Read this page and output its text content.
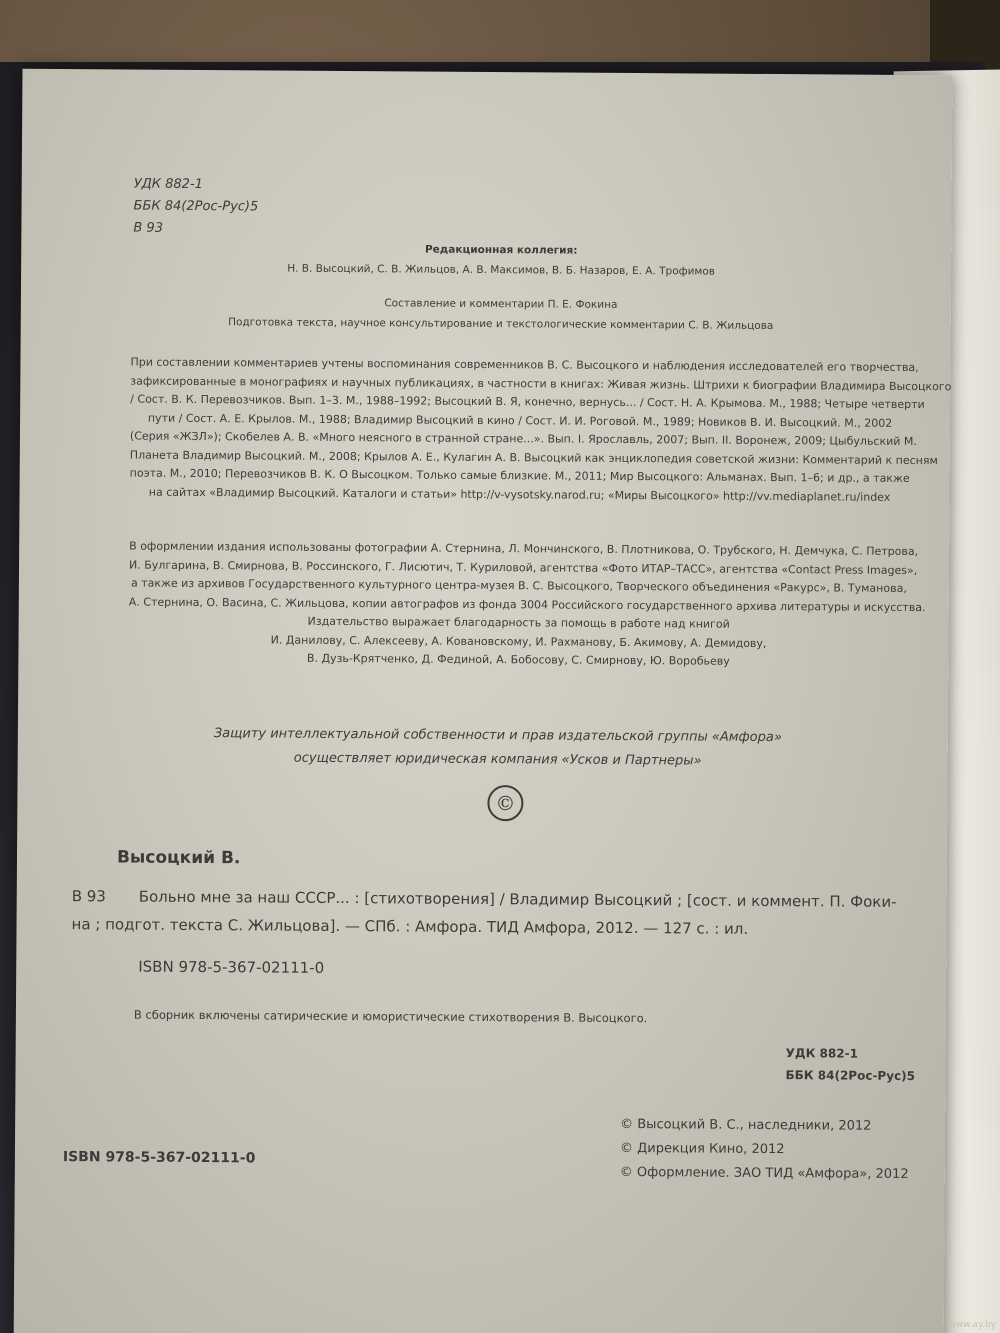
УДК 882-1
ББК 84(2Рос-Рус)5
В 93
Редакционная коллегия:
Н. В. Высоцкий, С. В. Жильцов, А. В. Максимов, В. Б. Назаров, Е. А. Трофимов
Составление и комментарии П. Е. Фокина
Подготовка текста, научное консультирование и текстологические комментарии С. В. Жильцова
При составлении комментариев учтены воспоминания современников В. С. Высоцкого и наблюдения исследователей его творчества,
зафиксированные в монографиях и научных публикациях, в частности в книгах: Живая жизнь. Штрихи к биографии Владимира Высоцкого
/ Сост. В. К. Перевозчиков. Вып. 1–3. М., 1988–1992; Высоцкий В. Я, конечно, вернусь... / Сост. Н. А. Крымова. М., 1988; Четыре четверти
пути / Сост. А. Е. Крылов. М., 1988; Владимир Высоцкий в кино / Сост. И. И. Роговой. М., 1989; Новиков В. И. Высоцкий. М., 2002
(Серия «ЖЗЛ»); Скобелев А. В. «Много неясного в странной стране...». Вып. I. Ярославль, 2007; Вып. II. Воронеж, 2009; Цыбульский М.
Планета Владимир Высоцкий. М., 2008; Крылов А. Е., Кулагин А. В. Высоцкий как энциклопедия советской жизни: Комментарий к песням
поэта. М., 2010; Перевозчиков В. К. О Высоцком. Только самые близкие. М., 2011; Мир Высоцкого: Альманах. Вып. 1–6; и др., а также
на сайтах «Владимир Высоцкий. Каталоги и статьи» http://v-vysotsky.narod.ru; «Миры Высоцкого» http://vv.mediaplanet.ru/index
В оформлении издания использованы фотографии А. Стернина, Л. Мончинского, В. Плотникова, О. Трубского, Н. Демчука, С. Петрова,
И. Булгарина, В. Смирнова, В. Россинского, Г. Лисютич, Т. Куриловой, агентства «Фото ИТАР–ТАСС», агентства «Contact Press Images»,
а также из архивов Государственного культурного центра-музея В. С. Высоцкого, Творческого объединения «Ракурс», В. Туманова,
А. Стернина, О. Васина, С. Жильцова, копии автографов из фонда 3004 Российского государственного архива литературы и искусства.
Издательство выражает благодарность за помощь в работе над книгой
И. Данилову, С. Алексееву, А. Ковановскому, И. Рахманову, Б. Акимову, А. Демидову,
В. Дузь-Крятченко, Д. Фединой, А. Бобосову, С. Смирнову, Ю. Воробьеву
Защиту интеллектуальной собственности и прав издательской группы «Амфора»
осуществляет юридическая компания «Усков и Партнеры»
©
Высоцкий В.
В 93 Больно мне за наш СССР... : [стихотворения] / Владимир Высоцкий ; [сост. и коммент. П. Фоки-
на ; подгот. текста С. Жильцова]. — СПб. : Амфора. ТИД Амфора, 2012. — 127 с. : ил.
ISBN 978-5-367-02111-0
В сборник включены сатирические и юмористические стихотворения В. Высоцкого.
УДК 882-1
ББК 84(2Рос-Рус)5
ISBN 978-5-367-02111-0
© Высоцкий В. С., наследники, 2012
© Дирекция Кино, 2012
© Оформление. ЗАО ТИД «Амфора», 2012
www.ay.by
